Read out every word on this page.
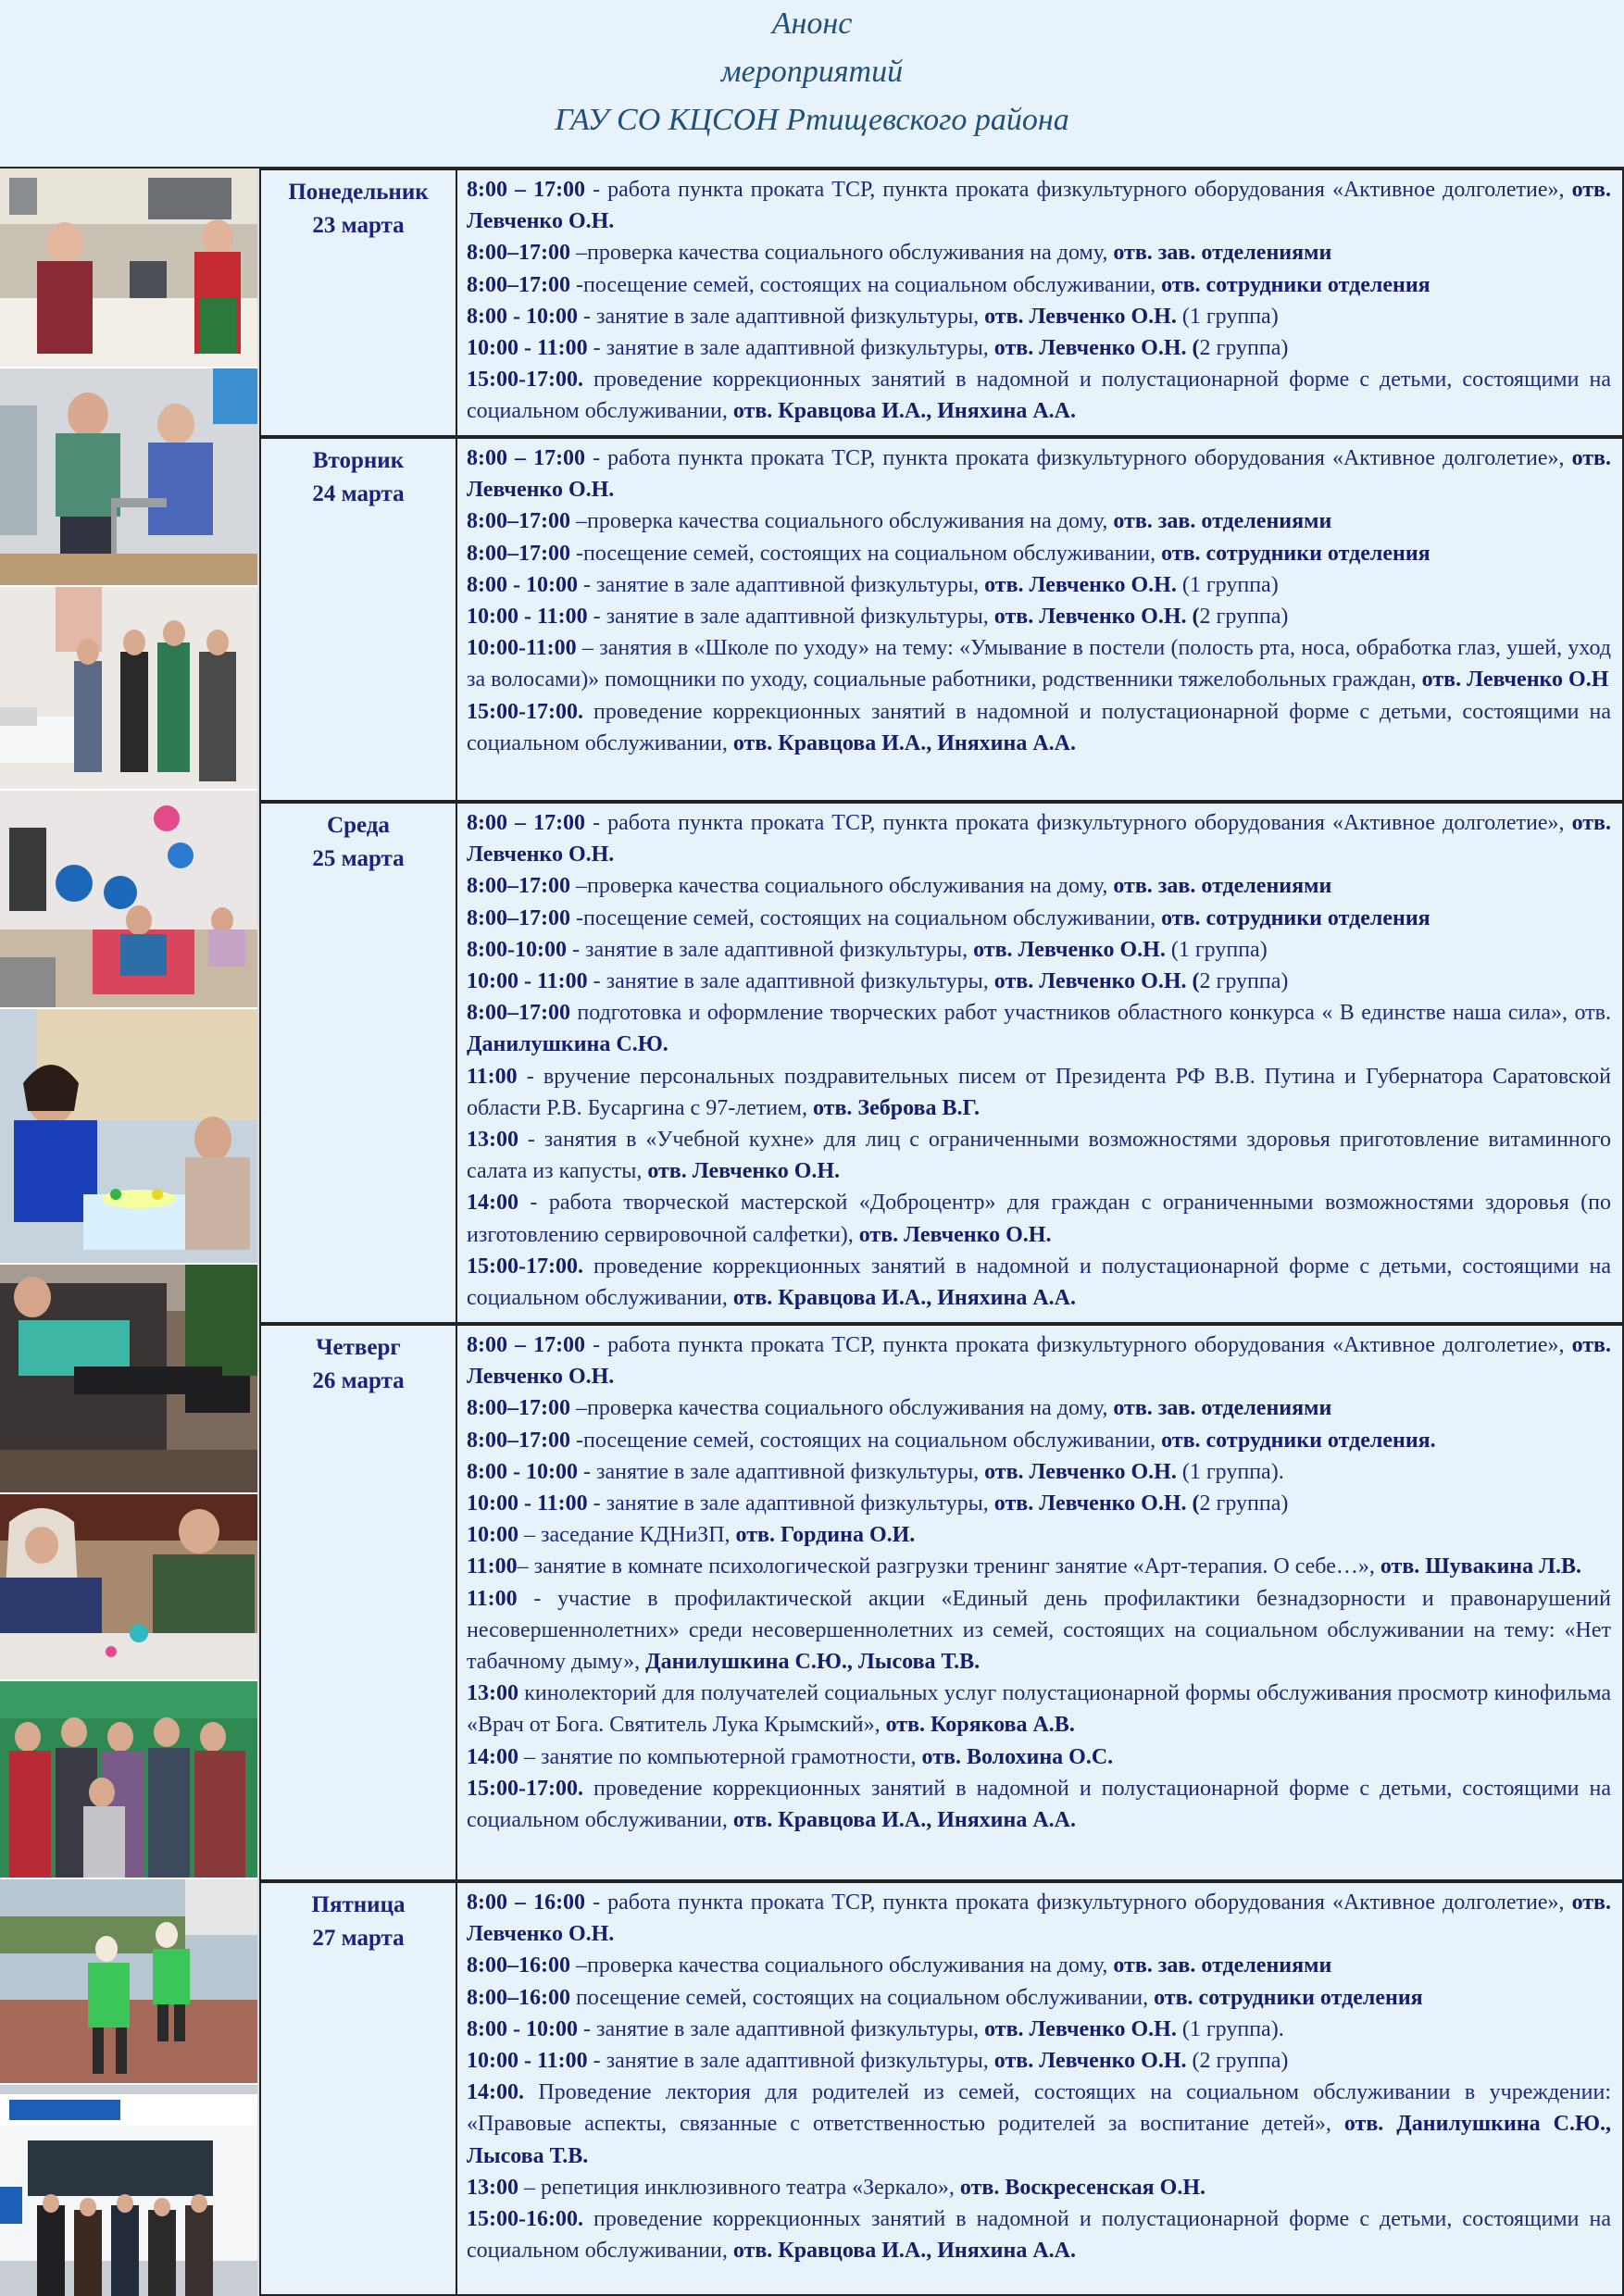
Анонс
мероприятий
ГАУ СО КЦСОН Ртищевского района
Понедельник
23 марта

8:00 – 17:00 - работа пункта проката ТСР, пункта проката физкультурного оборудования «Активное долголетие», отв. Левченко О.Н.

8:00–17:00 –проверка качества социального обслуживания на дому, отв. зав. отделениями

8:00–17:00 -посещение семей, состоящих на социальном обслуживании, отв. сотрудники отделения

8:00 - 10:00 - занятие в зале адаптивной физкультуры, отв. Левченко О.Н. (1 группа)

10:00 - 11:00 - занятие в зале адаптивной физкультуры, отв. Левченко О.Н. (2 группа)

15:00-17:00. проведение коррекционных занятий в надомной и полустационарной форме с детьми, состоящими на социальном обслуживании, отв. Кравцова И.А., Иняхина А.А.

Вторник
24 марта

8:00 – 17:00 - работа пункта проката ТСР, пункта проката физкультурного оборудования «Активное долголетие», отв. Левченко О.Н.

8:00–17:00 –проверка качества социального обслуживания на дому, отв. зав. отделениями

8:00–17:00 -посещение семей, состоящих на социальном обслуживании, отв. сотрудники отделения

8:00 - 10:00 - занятие в зале адаптивной физкультуры, отв. Левченко О.Н. (1 группа)

10:00 - 11:00 - занятие в зале адаптивной физкультуры, отв. Левченко О.Н. (2 группа)

10:00-11:00 – занятия в «Школе по уходу» на тему: «Умывание в постели (полость рта, носа, обработка глаз, ушей, уход за волосами)» помощники по уходу, социальные работники, родственники тяжелобольных граждан, отв. Левченко О.Н

15:00-17:00. проведение коррекционных занятий в надомной и полустационарной форме с детьми, состоящими на социальном обслуживании, отв. Кравцова И.А., Иняхина А.А.

Среда
25 марта

8:00 – 17:00 - работа пункта проката ТСР, пункта проката физкультурного оборудования «Активное долголетие», отв. Левченко О.Н.

8:00–17:00 –проверка качества социального обслуживания на дому, отв. зав. отделениями

8:00–17:00 -посещение семей, состоящих на социальном обслуживании, отв. сотрудники отделения

8:00-10:00 - занятие в зале адаптивной физкультуры, отв. Левченко О.Н. (1 группа)

10:00 - 11:00 - занятие в зале адаптивной физкультуры, отв. Левченко О.Н. (2 группа)

8:00–17:00 подготовка и оформление творческих работ участников областного конкурса « В единстве наша сила», отв. Данилушкина С.Ю.

11:00 - вручение персональных поздравительных писем от Президента РФ В.В. Путина и Губернатора Саратовской области Р.В. Бусаргина с 97-летием, отв. Зеброва В.Г.

13:00 - занятия в «Учебной кухне» для лиц с ограниченными возможностями здоровья приготовление витаминного салата из капусты, отв. Левченко О.Н.

14:00 - работа творческой мастерской «Доброцентр» для граждан с ограниченными возможностями здоровья (по изготовлению сервировочной салфетки), отв. Левченко О.Н.

15:00-17:00. проведение коррекционных занятий в надомной и полустационарной форме с детьми, состоящими на социальном обслуживании, отв. Кравцова И.А., Иняхина А.А.

Четверг
26 марта

8:00 – 17:00 - работа пункта проката ТСР, пункта проката физкультурного оборудования «Активное долголетие», отв. Левченко О.Н.

8:00–17:00 –проверка качества социального обслуживания на дому, отв. зав. отделениями

8:00–17:00 -посещение семей, состоящих на социальном обслуживании, отв. сотрудники отделения.

8:00 - 10:00 - занятие в зале адаптивной физкультуры, отв. Левченко О.Н. (1 группа).

10:00 - 11:00 - занятие в зале адаптивной физкультуры, отв. Левченко О.Н. (2 группа)

10:00 – заседание КДНиЗП, отв. Гордина О.И.

11:00– занятие в комнате психологической разгрузки тренинг занятие «Арт-терапия. О себе…», отв. Шувакина Л.В.

11:00 - участие в профилактической акции «Единый день профилактики безнадзорности и правонарушений несовершеннолетних» среди несовершеннолетних из семей, состоящих на социальном обслуживании на тему: «Нет табачному дыму», Данилушкина С.Ю., Лысова Т.В.

13:00 кинолекторий для получателей социальных услуг полустационарной формы обслуживания просмотр кинофильма «Врач от Бога. Святитель Лука Крымский», отв. Корякова А.В.

14:00 – занятие по компьютерной грамотности, отв. Волохина О.С.

15:00-17:00. проведение коррекционных занятий в надомной и полустационарной форме с детьми, состоящими на социальном обслуживании, отв. Кравцова И.А., Иняхина А.А.

Пятница
27 марта

8:00 – 16:00 - работа пункта проката ТСР, пункта проката физкультурного оборудования «Активное долголетие», отв. Левченко О.Н.

8:00–16:00 –проверка качества социального обслуживания на дому, отв. зав. отделениями

8:00–16:00 посещение семей, состоящих на социальном обслуживании, отв. сотрудники отделения

8:00 - 10:00 - занятие в зале адаптивной физкультуры, отв. Левченко О.Н. (1 группа).

10:00 - 11:00 - занятие в зале адаптивной физкультуры, отв. Левченко О.Н. (2 группа)

14:00. Проведение лектория для родителей из семей, состоящих на социальном обслуживании в учреждении: «Правовые аспекты, связанные с ответственностью родителей за воспитание детей», отв. Данилушкина С.Ю., Лысова Т.В.

13:00 – репетиция инклюзивного театра «Зеркало», отв. Воскресенская О.Н.

15:00-16:00. проведение коррекционных занятий в надомной и полустационарной форме с детьми, состоящими на социальном обслуживании, отв. Кравцова И.А., Иняхина А.А.
